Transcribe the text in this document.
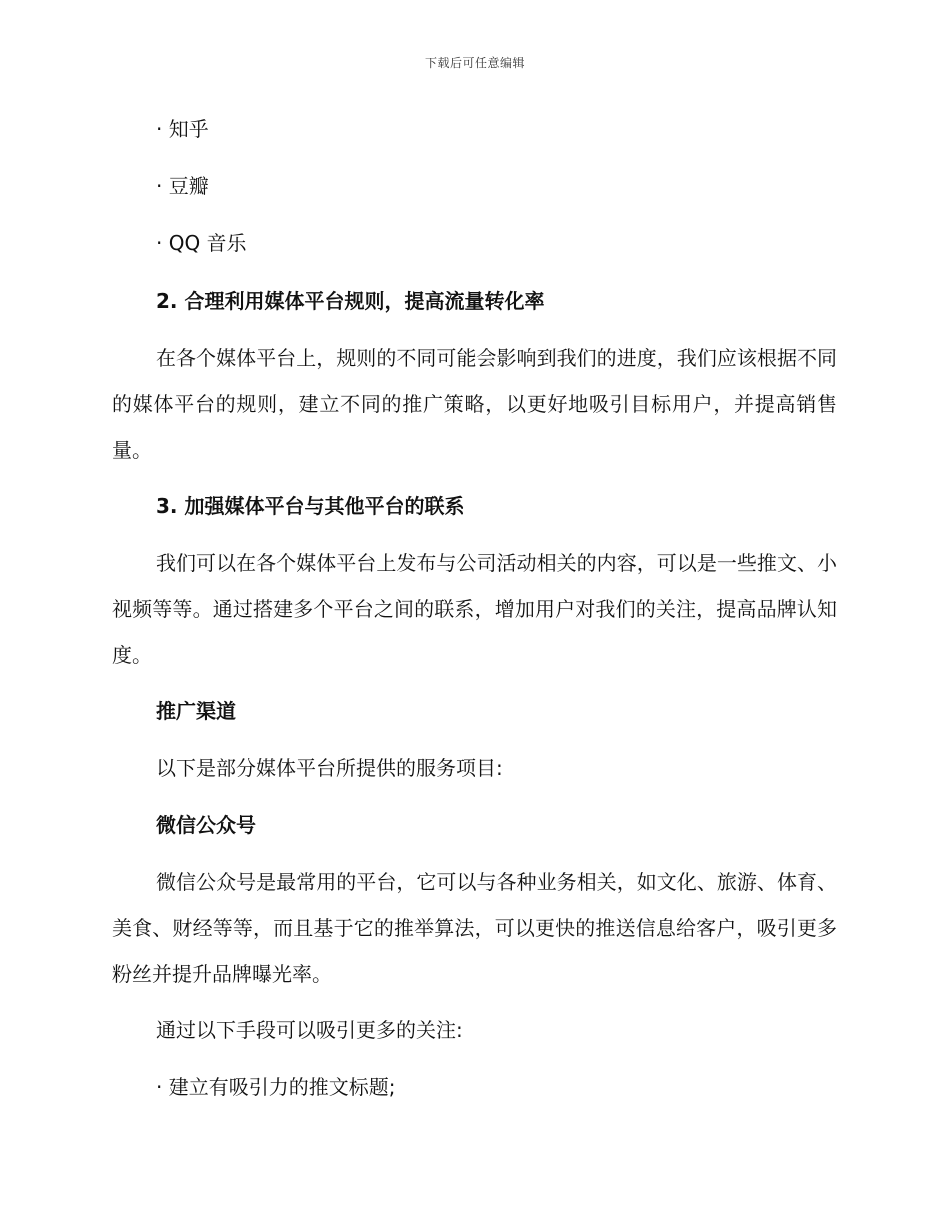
下载后可任意编辑

· 知乎

· 豆瓣

· QQ 音乐

2. 合理利用媒体平台规则，提高流量转化率

在各个媒体平台上，规则的不同可能会影响到我们的进度，我们应该根据不同的媒体平台的规则，建立不同的推广策略，以更好地吸引目标用户，并提高销售量。

3. 加强媒体平台与其他平台的联系

我们可以在各个媒体平台上发布与公司活动相关的内容，可以是一些推文、小视频等等。通过搭建多个平台之间的联系，增加用户对我们的关注，提高品牌认知度。

推广渠道

以下是部分媒体平台所提供的服务项目:

微信公众号

微信公众号是最常用的平台，它可以与各种业务相关，如文化、旅游、体育、美食、财经等等，而且基于它的推举算法，可以更快的推送信息给客户，吸引更多粉丝并提升品牌曝光率。

通过以下手段可以吸引更多的关注:

· 建立有吸引力的推文标题;
